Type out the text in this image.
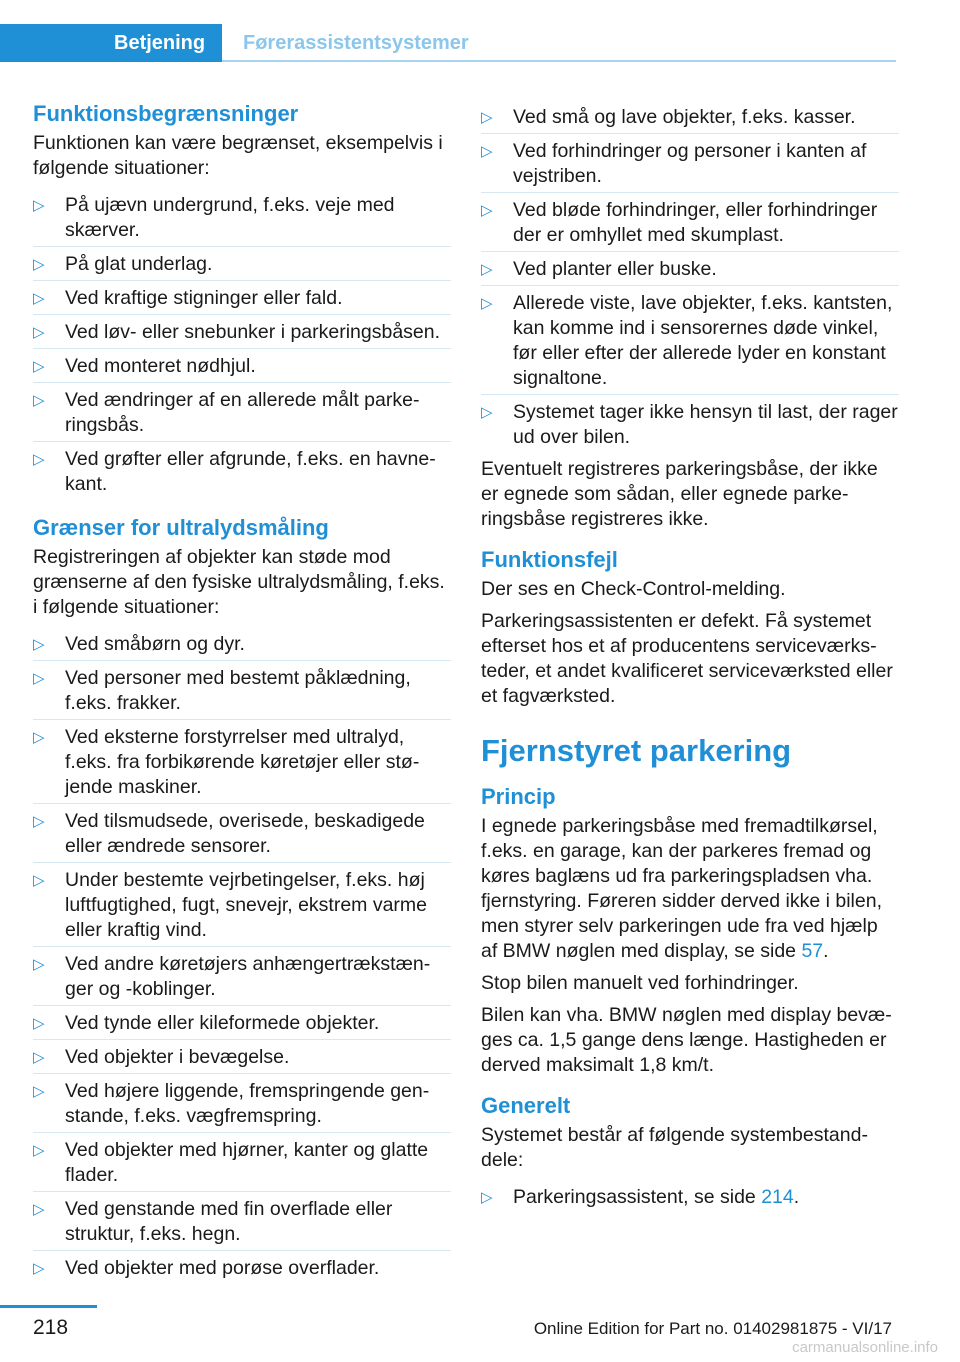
Betjening	Førerassistentsystemer
Funktionsbegrænsninger
Funktionen kan være begrænset, eksempelvis i følgende situationer:
▷ På ujævn undergrund, f.eks. veje med skærver.
▷ På glat underlag.
▷ Ved kraftige stigninger eller fald.
▷ Ved løv- eller snebunker i parkeringsbåsen.
▷ Ved monteret nødhjul.
▷ Ved ændringer af en allerede målt parkeringsbås.
▷ Ved grøfter eller afgrunde, f.eks. en havnekant.
Grænser for ultralydsmåling
Registreringen af objekter kan støde mod grænserne af den fysiske ultralydsmåling, f.eks. i følgende situationer:
▷ Ved småbørn og dyr.
▷ Ved personer med bestemt påklædning, f.eks. frakker.
▷ Ved eksterne forstyrrelser med ultralyd, f.eks. fra forbikørende køretøjer eller støjende maskiner.
▷ Ved tilsmudsede, overisede, beskadigede eller ændrede sensorer.
▷ Under bestemte vejrbetingelser, f.eks. høj luftfugtighed, fugt, snevejr, ekstrem varme eller kraftig vind.
▷ Ved andre køretøjers anhængertrækstænger og -koblinger.
▷ Ved tynde eller kileformede objekter.
▷ Ved objekter i bevægelse.
▷ Ved højere liggende, fremspringende genstande, f.eks. vægfremspring.
▷ Ved objekter med hjørner, kanter og glatte flader.
▷ Ved genstande med fin overflade eller struktur, f.eks. hegn.
▷ Ved objekter med porøse overflader.
▷ Ved små og lave objekter, f.eks. kasser.
▷ Ved forhindringer og personer i kanten af vejstriben.
▷ Ved bløde forhindringer, eller forhindringer der er omhyllet med skumplast.
▷ Ved planter eller buske.
▷ Allerede viste, lave objekter, f.eks. kantsten, kan komme ind i sensorernes døde vinkel, før eller efter der allerede lyder en konstant signaltone.
▷ Systemet tager ikke hensyn til last, der rager ud over bilen.
Eventuelt registreres parkeringsbåse, der ikke er egnede som sådan, eller egnede parkeringsbåse registreres ikke.
Funktionsfejl
Der ses en Check-Control-melding.
Parkeringsassistenten er defekt. Få systemet efterset hos et af producentens serviceværksteder, et andet kvalificeret serviceværksted eller et fagværksted.
Fjernstyret parkering
Princip
I egnede parkeringsbåse med fremadtilkørsel, f.eks. en garage, kan der parkeres fremad og køres baglæns ud fra parkeringspladsen vha. fjernstyring. Føreren sidder derved ikke i bilen, men styrer selv parkeringen ude fra ved hjælp af BMW nøglen med display, se side 57.
Stop bilen manuelt ved forhindringer.
Bilen kan vha. BMW nøglen med display bevæges ca. 1,5 gange dens længe. Hastigheden er derved maksimalt 1,8 km/t.
Generelt
Systemet består af følgende systembestanddele:
▷ Parkeringsassistent, se side 214.
218	Online Edition for Part no. 01402981875 - VI/17
carmanualsonline.info
